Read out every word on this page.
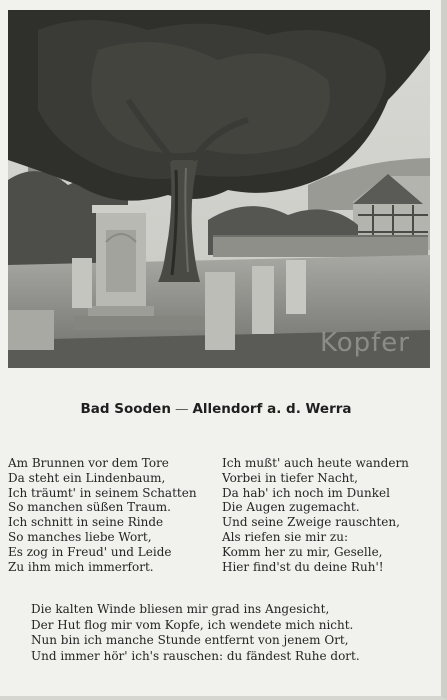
Kopfer
Bad Sooden — Allendorf a. d. Werra
Am Brunnen vor dem Tore
Da steht ein Lindenbaum,
Ich träumt' in seinem Schatten
So manchen süßen Traum.
Ich schnitt in seine Rinde
So manches liebe Wort,
Es zog in Freud' und Leide
Zu ihm mich immerfort.
Ich mußt' auch heute wandern
Vorbei in tiefer Nacht,
Da hab' ich noch im Dunkel
Die Augen zugemacht.
Und seine Zweige rauschten,
Als riefen sie mir zu:
Komm her zu mir, Geselle,
Hier find'st du deine Ruh'!
Die kalten Winde bliesen mir grad ins Angesicht,
Der Hut flog mir vom Kopfe, ich wendete mich nicht.
Nun bin ich manche Stunde entfernt von jenem Ort,
Und immer hör' ich's rauschen: du fändest Ruhe dort.
